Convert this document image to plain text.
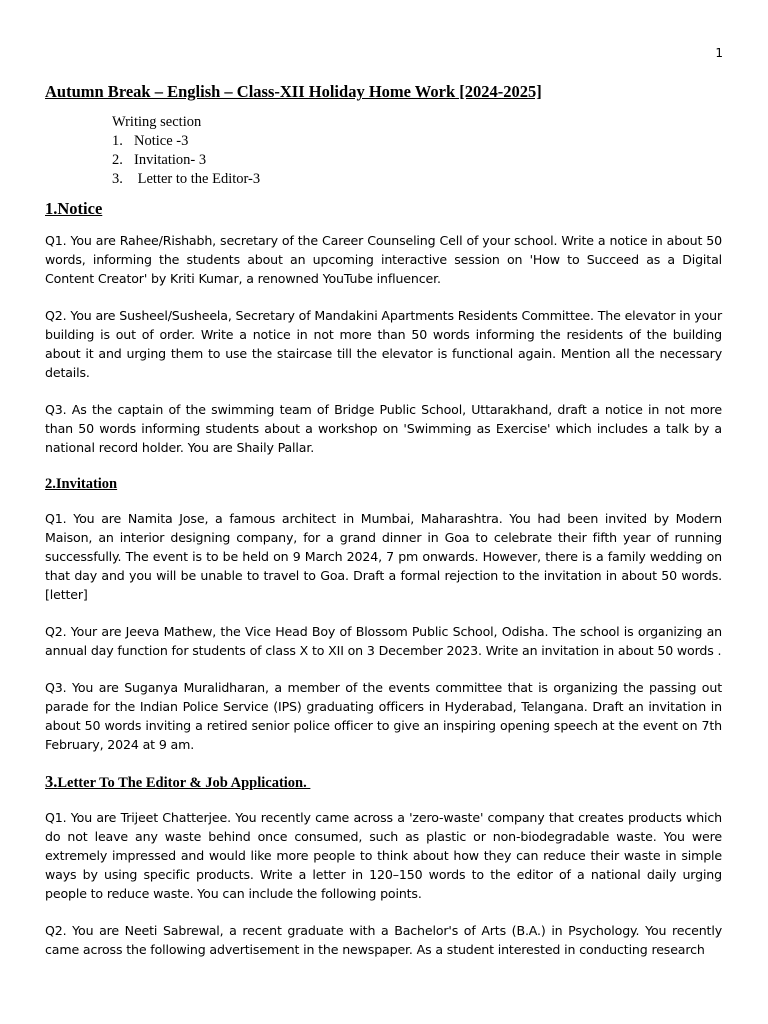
1
Autumn Break – English – Class-XII Holiday Home Work [2024-2025]
Writing section
1. Notice -3
2. Invitation- 3
3. Letter to the Editor-3
1.Notice

Q1. You are Rahee/Rishabh, secretary of the Career Counseling Cell of your school. Write a notice in about 50 words, informing the students about an upcoming interactive session on 'How to Succeed as a Digital Content Creator' by Kriti Kumar, a renowned YouTube influencer.

Q2. You are Susheel/Susheela, Secretary of Mandakini Apartments Residents Committee. The elevator in your building is out of order. Write a notice in not more than 50 words informing the residents of the building about it and urging them to use the staircase till the elevator is functional again. Mention all the necessary details.

Q3. As the captain of the swimming team of Bridge Public School, Uttarakhand, draft a notice in not more than 50 words informing students about a workshop on 'Swimming as Exercise' which includes a talk by a national record holder. You are Shaily Pallar.

2.Invitation

Q1. You are Namita Jose, a famous architect in Mumbai, Maharashtra. You had been invited by Modern Maison, an interior designing company, for a grand dinner in Goa to celebrate their fifth year of running successfully. The event is to be held on 9 March 2024, 7 pm onwards. However, there is a family wedding on that day and you will be unable to travel to Goa. Draft a formal rejection to the invitation in about 50 words. [letter]

Q2. Your are Jeeva Mathew, the Vice Head Boy of Blossom Public School, Odisha. The school is organizing an annual day function for students of class X to XII on 3 December 2023. Write an invitation in about 50 words .

Q3. You are Suganya Muralidharan, a member of the events committee that is organizing the passing out parade for the Indian Police Service (IPS) graduating officers in Hyderabad, Telangana. Draft an invitation in about 50 words inviting a retired senior police officer to give an inspiring opening speech at the event on 7th February, 2024 at 9 am.

3.Letter To The Editor & Job Application.

Q1. You are Trijeet Chatterjee. You recently came across a 'zero-waste' company that creates products which do not leave any waste behind once consumed, such as plastic or non-biodegradable waste. You were extremely impressed and would like more people to think about how they can reduce their waste in simple ways by using specific products. Write a letter in 120–150 words to the editor of a national daily urging people to reduce waste. You can include the following points.

Q2. You are Neeti Sabrewal, a recent graduate with a Bachelor's of Arts (B.A.) in Psychology. You recently came across the following advertisement in the newspaper. As a student interested in conducting research
